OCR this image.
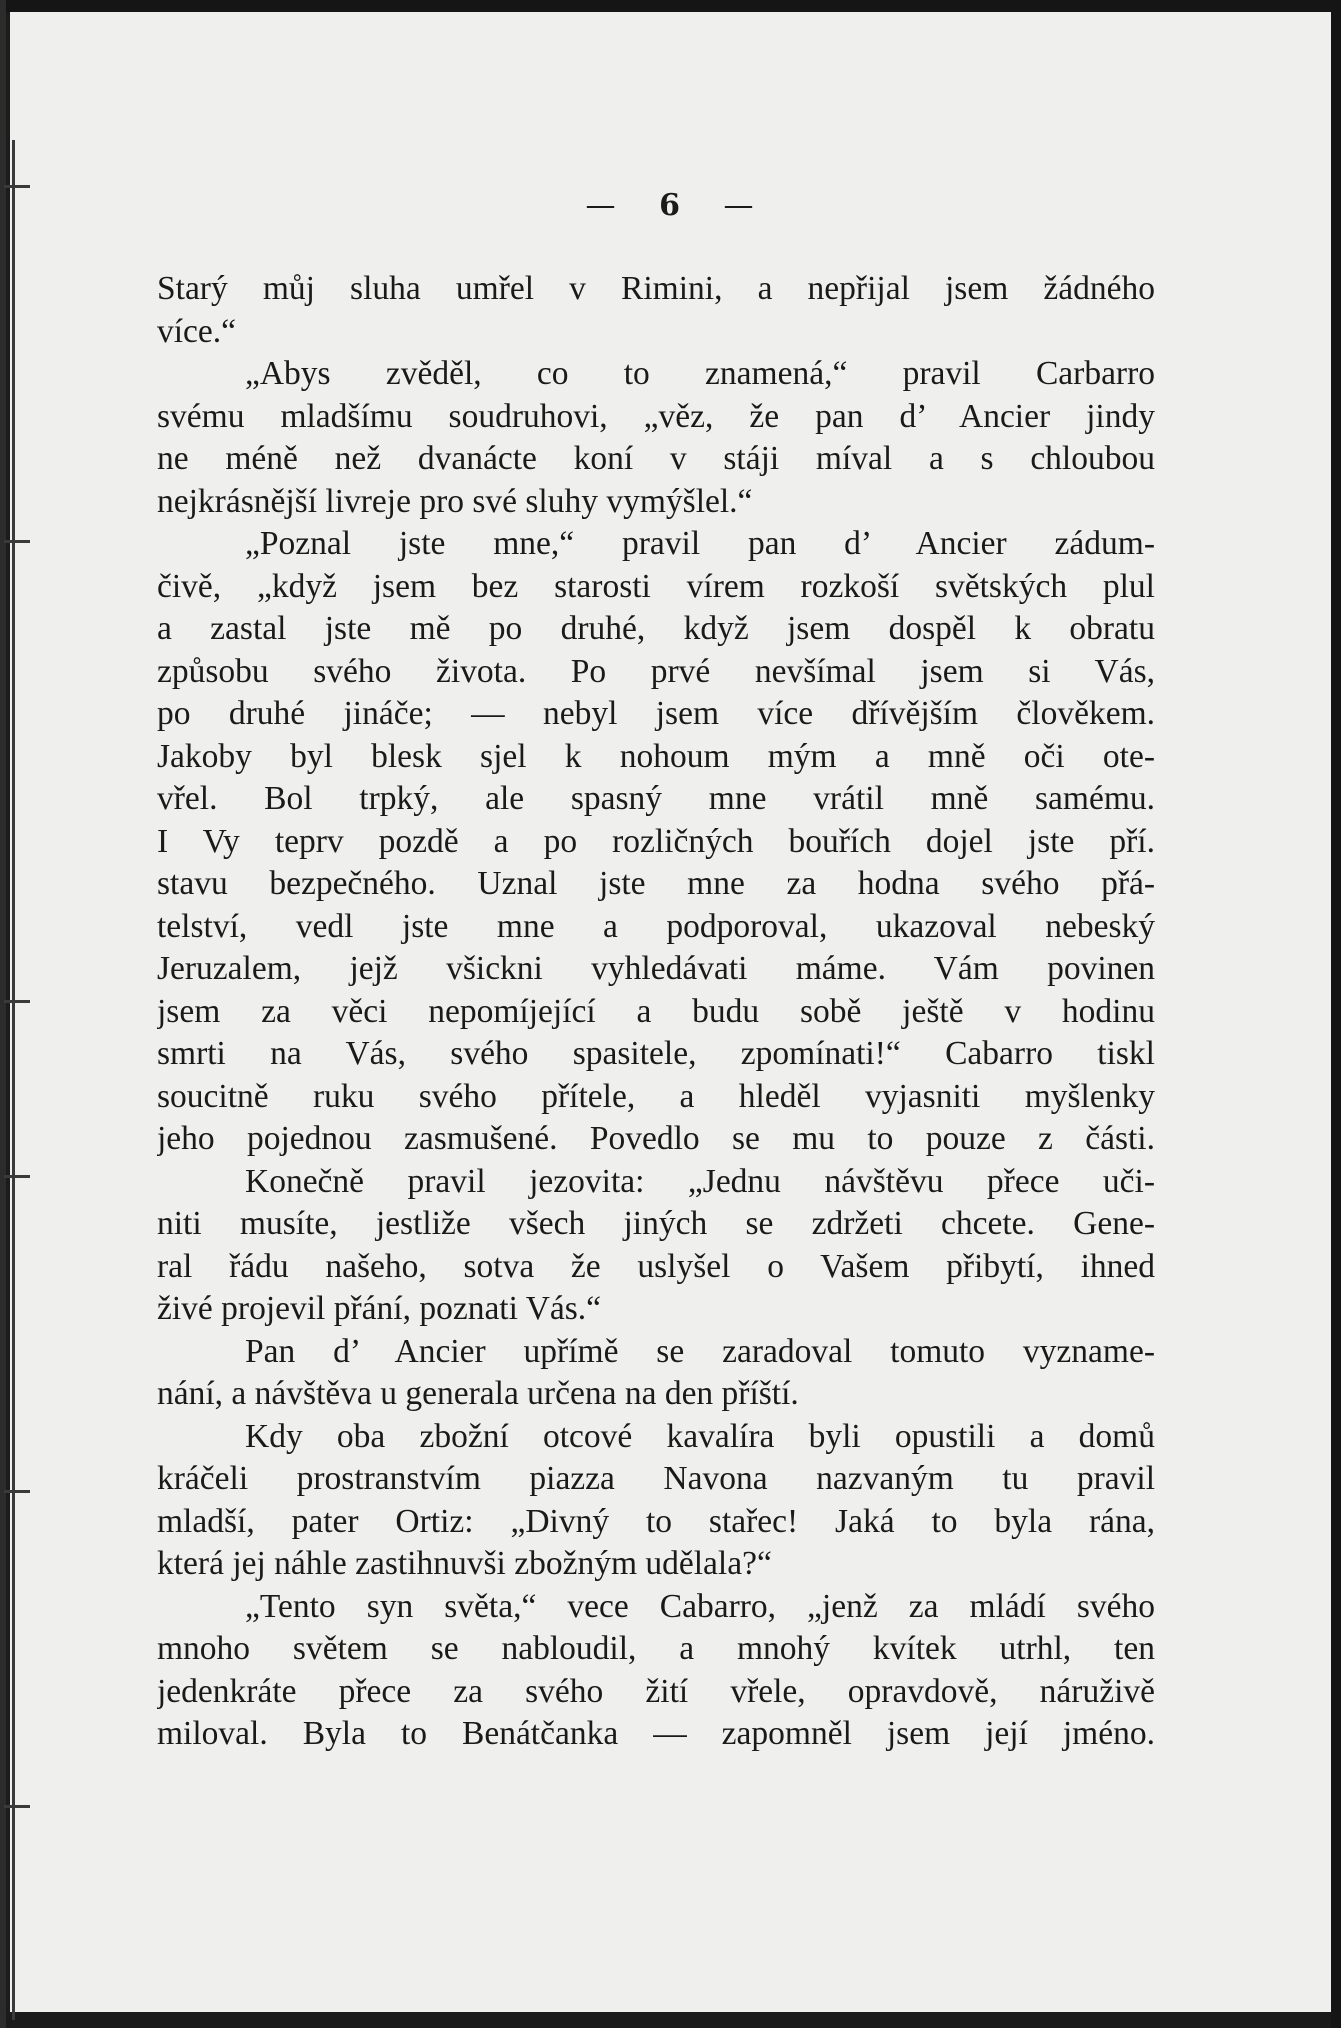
— 6 —
Starý můj sluha umřel v Rimini, a nepřijal jsem žádného
více.“
„Abys zvěděl, co to znamená,“ pravil Carbarro
svému mladšímu soudruhovi, „věz, že pan d’ Ancier jindy
ne méně než dvanácte koní v stáji míval a s chloubou
nejkrásnější livreje pro své sluhy vymýšlel.“
„Poznal jste mne,“ pravil pan d’ Ancier zádum-
čivě, „když jsem bez starosti vírem rozkoší světských plul
a zastal jste mě po druhé, když jsem dospěl k obratu
způsobu svého života. Po prvé nevšímal jsem si Vás,
po druhé jináče; — nebyl jsem více dřívějším člověkem.
Jakoby byl blesk sjel k nohoum mým a mně oči ote-
vřel. Bol trpký, ale spasný mne vrátil mně samému.
I Vy teprv pozdě a po rozličných bouřích dojel jste pří.
stavu bezpečného. Uznal jste mne za hodna svého přá-
telství, vedl jste mne a podporoval, ukazoval nebeský
Jeruzalem, jejž všickni vyhledávati máme. Vám povinen
jsem za věci nepomíjející a budu sobě ještě v hodinu
smrti na Vás, svého spasitele, zpomínati!“ Cabarro tiskl
soucitně ruku svého přítele, a hleděl vyjasniti myšlenky
jeho pojednou zasmušené. Povedlo se mu to pouze z části.
Konečně pravil jezovita: „Jednu návštěvu přece uči-
niti musíte, jestliže všech jiných se zdržeti chcete. Gene-
ral řádu našeho, sotva že uslyšel o Vašem přibytí, ihned
živé projevil přání, poznati Vás.“
Pan d’ Ancier upřímě se zaradoval tomuto vyzname-
nání, a návštěva u generala určena na den příští.
Kdy oba zbožní otcové kavalíra byli opustili a domů
kráčeli prostranstvím piazza Navona nazvaným tu pravil
mladší, pater Ortiz: „Divný to stařec! Jaká to byla rána,
která jej náhle zastihnuvši zbožným udělala?“
„Tento syn světa,“ vece Cabarro, „jenž za mládí svého
mnoho světem se nabloudil, a mnohý kvítek utrhl, ten
jedenkráte přece za svého žití vřele, opravdově, náruživě
miloval. Byla to Benátčanka — zapomněl jsem její jméno.
